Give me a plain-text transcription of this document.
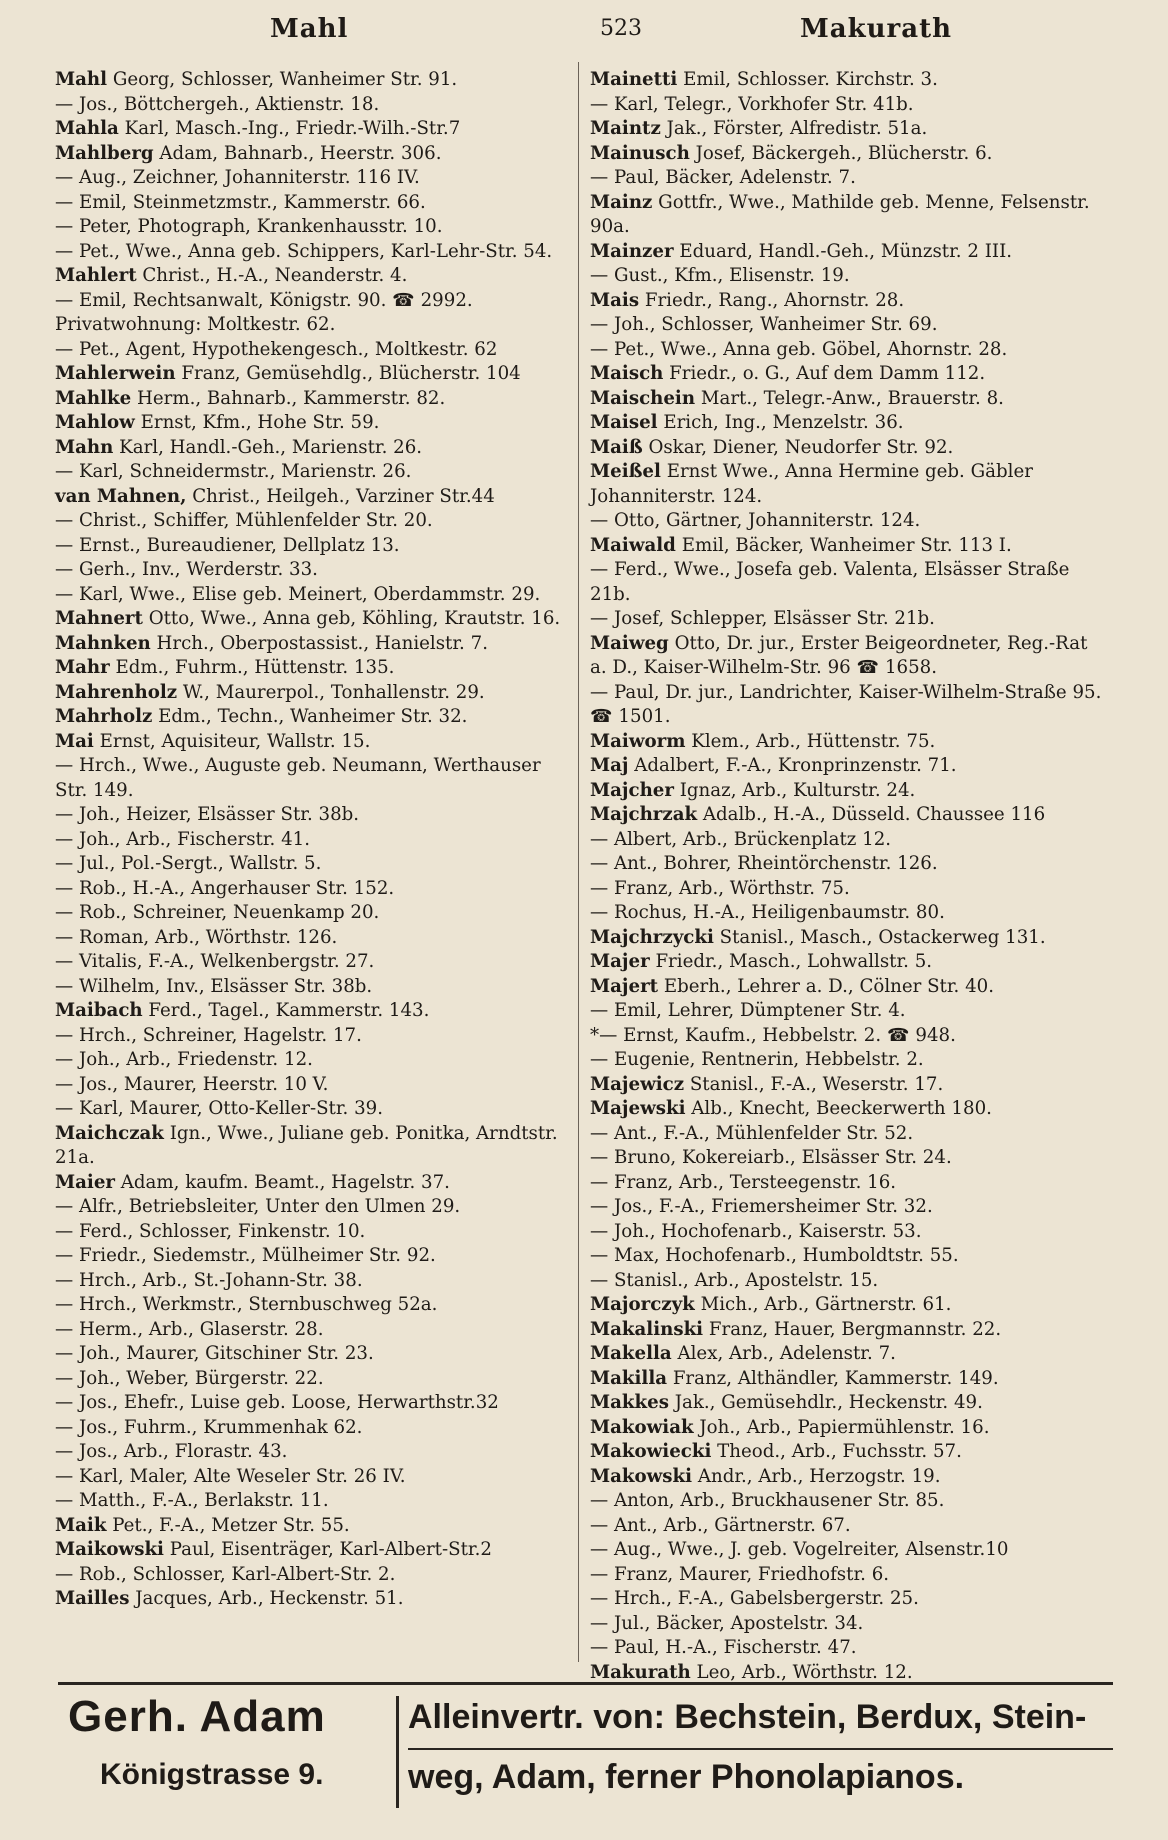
Mahl	523	Makurath
Mahl Georg, Schlosser, Wanheimer Str. 91.
— Jos., Böttchergeh., Aktienstr. 18.
Mahla Karl, Masch.-Ing., Friedr.-Wilh.-Str.7
Mahlberg Adam, Bahnarb., Heerstr. 306.
— Aug., Zeichner, Johanniterstr. 116 IV.
— Emil, Steinmetzmstr., Kammerstr. 66.
— Peter, Photograph, Krankenhausstr. 10.
— Pet., Wwe., Anna geb. Schippers, Karl-Lehr-Str. 54.
Mahlert Christ., H.-A., Neanderstr. 4.
— Emil, Rechtsanwalt, Königstr. 90. ☎ 2992. Privatwohnung: Moltkestr. 62.
— Pet., Agent, Hypothekengesch., Moltkestr. 62
Mahlerwein Franz, Gemüsehdlg., Blücherstr. 104
Mahlke Herm., Bahnarb., Kammerstr. 82.
Mahlow Ernst, Kfm., Hohe Str. 59.
Mahn Karl, Handl.-Geh., Marienstr. 26.
— Karl, Schneidermstr., Marienstr. 26.
van Mahnen, Christ., Heilgeh., Varziner Str.44
— Christ., Schiffer, Mühlenfelder Str. 20.
— Ernst., Bureaudiener, Dellplatz 13.
— Gerh., Inv., Werderstr. 33.
— Karl, Wwe., Elise geb. Meinert, Oberdammstr. 29.
Mahnert Otto, Wwe., Anna geb, Köhling, Krautstr. 16.
Mahnken Hrch., Oberpostassist., Hanielstr. 7.
Mahr Edm., Fuhrm., Hüttenstr. 135.
Mahrenholz W., Maurerpol., Tonhallenstr. 29.
Mahrholz Edm., Techn., Wanheimer Str. 32.
Mai Ernst, Aquisiteur, Wallstr. 15.
— Hrch., Wwe., Auguste geb. Neumann, Werthauser Str. 149.
— Joh., Heizer, Elsässer Str. 38b.
— Joh., Arb., Fischerstr. 41.
— Jul., Pol.-Sergt., Wallstr. 5.
— Rob., H.-A., Angerhauser Str. 152.
— Rob., Schreiner, Neuenkamp 20.
— Roman, Arb., Wörthstr. 126.
— Vitalis, F.-A., Welkenbergstr. 27.
— Wilhelm, Inv., Elsässer Str. 38b.
Maibach Ferd., Tagel., Kammerstr. 143.
— Hrch., Schreiner, Hagelstr. 17.
— Joh., Arb., Friedenstr. 12.
— Jos., Maurer, Heerstr. 10 V.
— Karl, Maurer, Otto-Keller-Str. 39.
Maichczak Ign., Wwe., Juliane geb. Ponitka, Arndtstr. 21a.
Maier Adam, kaufm. Beamt., Hagelstr. 37.
— Alfr., Betriebsleiter, Unter den Ulmen 29.
— Ferd., Schlosser, Finkenstr. 10.
— Friedr., Siedemstr., Mülheimer Str. 92.
— Hrch., Arb., St.-Johann-Str. 38.
— Hrch., Werkmstr., Sternbuschweg 52a.
— Herm., Arb., Glaserstr. 28.
— Joh., Maurer, Gitschiner Str. 23.
— Joh., Weber, Bürgerstr. 22.
— Jos., Ehefr., Luise geb. Loose, Herwarthstr.32
— Jos., Fuhrm., Krummenhak 62.
— Jos., Arb., Florastr. 43.
— Karl, Maler, Alte Weseler Str. 26 IV.
— Matth., F.-A., Berlakstr. 11.
Maik Pet., F.-A., Metzer Str. 55.
Maikowski Paul, Eisenträger, Karl-Albert-Str.2
— Rob., Schlosser, Karl-Albert-Str. 2.
Mailles Jacques, Arb., Heckenstr. 51.
Mainetti Emil, Schlosser. Kirchstr. 3.
— Karl, Telegr., Vorkhofer Str. 41b.
Maintz Jak., Förster, Alfredistr. 51a.
Mainusch Josef, Bäckergeh., Blücherstr. 6.
— Paul, Bäcker, Adelenstr. 7.
Mainz Gottfr., Wwe., Mathilde geb. Menne, Felsenstr. 90a.
Mainzer Eduard, Handl.-Geh., Münzstr. 2 III.
— Gust., Kfm., Elisenstr. 19.
Mais Friedr., Rang., Ahornstr. 28.
— Joh., Schlosser, Wanheimer Str. 69.
— Pet., Wwe., Anna geb. Göbel, Ahornstr. 28.
Maisch Friedr., o. G., Auf dem Damm 112.
Maischein Mart., Telegr.-Anw., Brauerstr. 8.
Maisel Erich, Ing., Menzelstr. 36.
Maiß Oskar, Diener, Neudorfer Str. 92.
Meißel Ernst Wwe., Anna Hermine geb. Gäbler Johanniterstr. 124.
— Otto, Gärtner, Johanniterstr. 124.
Maiwald Emil, Bäcker, Wanheimer Str. 113 I.
— Ferd., Wwe., Josefa geb. Valenta, Elsässer Straße 21b.
— Josef, Schlepper, Elsässer Str. 21b.
Maiweg Otto, Dr. jur., Erster Beigeordneter, Reg.-Rat a. D., Kaiser-Wilhelm-Str. 96 ☎ 1658.
— Paul, Dr. jur., Landrichter, Kaiser-Wilhelm-Straße 95. ☎ 1501.
Maiworm Klem., Arb., Hüttenstr. 75.
Maj Adalbert, F.-A., Kronprinzenstr. 71.
Majcher Ignaz, Arb., Kulturstr. 24.
Majchrzak Adalb., H.-A., Düsseld. Chaussee 116
— Albert, Arb., Brückenplatz 12.
— Ant., Bohrer, Rheintörchenstr. 126.
— Franz, Arb., Wörthstr. 75.
— Rochus, H.-A., Heiligenbaumstr. 80.
Majchrzycki Stanisl., Masch., Ostackerweg 131.
Majer Friedr., Masch., Lohwallstr. 5.
Majert Eberh., Lehrer a. D., Cölner Str. 40.
— Emil, Lehrer, Dümptener Str. 4.
*— Ernst, Kaufm., Hebbelstr. 2. ☎ 948.
— Eugenie, Rentnerin, Hebbelstr. 2.
Majewicz Stanisl., F.-A., Weserstr. 17.
Majewski Alb., Knecht, Beeckerwerth 180.
— Ant., F.-A., Mühlenfelder Str. 52.
— Bruno, Kokereiarb., Elsässer Str. 24.
— Franz, Arb., Tersteegenstr. 16.
— Jos., F.-A., Friemersheimer Str. 32.
— Joh., Hochofenarb., Kaiserstr. 53.
— Max, Hochofenarb., Humboldtstr. 55.
— Stanisl., Arb., Apostelstr. 15.
Majorczyk Mich., Arb., Gärtnerstr. 61.
Makalinski Franz, Hauer, Bergmannstr. 22.
Makella Alex, Arb., Adelenstr. 7.
Makilla Franz, Althändler, Kammerstr. 149.
Makkes Jak., Gemüsehdlr., Heckenstr. 49.
Makowiak Joh., Arb., Papiermühlenstr. 16.
Makowiecki Theod., Arb., Fuchsstr. 57.
Makowski Andr., Arb., Herzogstr. 19.
— Anton, Arb., Bruckhausener Str. 85.
— Ant., Arb., Gärtnerstr. 67.
— Aug., Wwe., J. geb. Vogelreiter, Alsenstr.10
— Franz, Maurer, Friedhofstr. 6.
— Hrch., F.-A., Gabelsbergerstr. 25.
— Jul., Bäcker, Apostelstr. 34.
— Paul, H.-A., Fischerstr. 47.
Makurath Leo, Arb., Wörthstr. 12.
Gerh. Adam
Königstrasse 9.
Alleinvertr. von: Bechstein, Berdux, Stein-
weg, Adam, ferner Phonolapianos.
